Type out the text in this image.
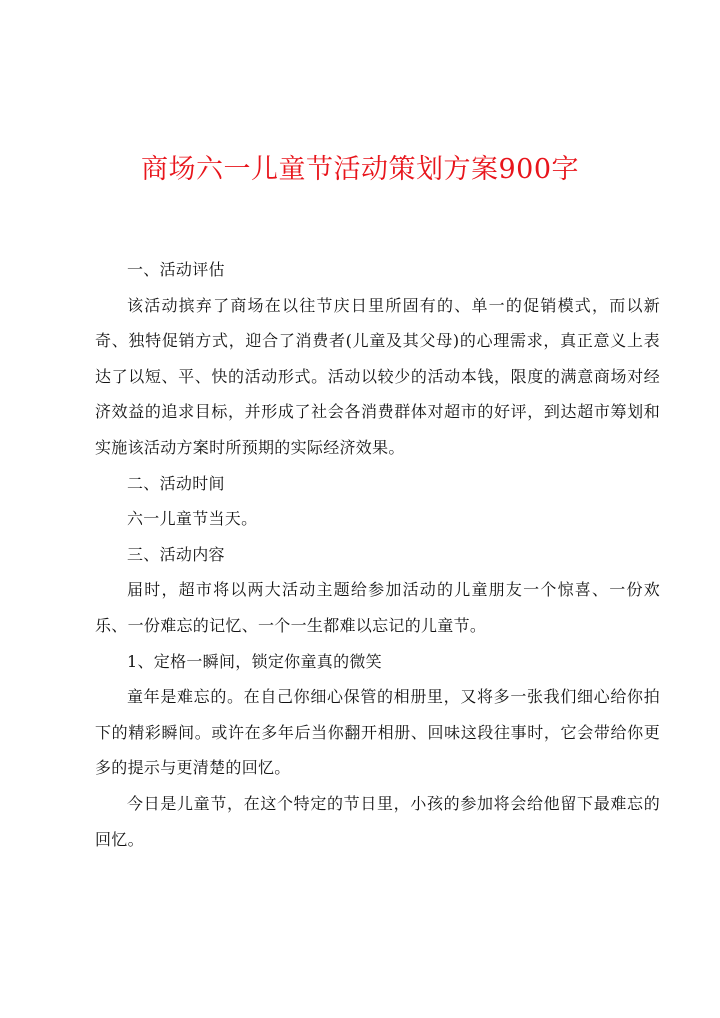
商场六一儿童节活动策划方案900字

一、活动评估

该活动摈弃了商场在以往节庆日里所固有的、单一的促销模式，而以新奇、独特促销方式，迎合了消费者(儿童及其父母)的心理需求，真正意义上表达了以短、平、快的活动形式。活动以较少的活动本钱，限度的满意商场对经济效益的追求目标，并形成了社会各消费群体对超市的好评，到达超市筹划和实施该活动方案时所预期的实际经济效果。

二、活动时间

六一儿童节当天。

三、活动内容

届时，超市将以两大活动主题给参加活动的儿童朋友一个惊喜、一份欢乐、一份难忘的记忆、一个一生都难以忘记的儿童节。

1、定格一瞬间，锁定你童真的微笑

童年是难忘的。在自己你细心保管的相册里，又将多一张我们细心给你拍下的精彩瞬间。或许在多年后当你翻开相册、回味这段往事时，它会带给你更多的提示与更清楚的回忆。

今日是儿童节，在这个特定的节日里，小孩的参加将会给他留下最难忘的回忆。
